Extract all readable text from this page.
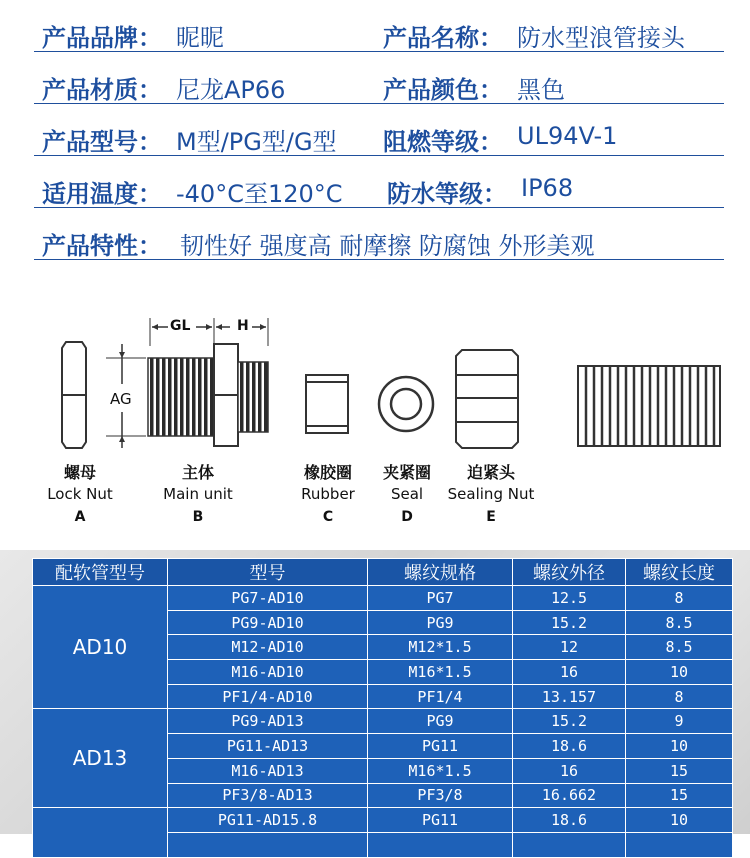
产品品牌： 昵昵	产品名称： 防水型浪管接头
产品材质： 尼龙AP66	产品颜色： 黑色
产品型号： M型/PG型/G型 阻燃等级： UL94V-1
适用温度： -40°C至120°C 防水等级： IP68
产品特性： 韧性好 强度高 耐摩擦 防腐蚀 外形美观
GL	H
AG
螺母
Lock Nut
A
主体
Main unit
B
橡胶圈
Rubber
C
夹紧圈
Seal
D
迫紧头
Sealing Nut
E
配软管型号	型号	螺纹规格	螺纹外径	螺纹长度
AD10	PG7-AD10	PG7	12.5	8
	PG9-AD10	PG9	15.2	8.5
	M12-AD10	M12*1.5	12	8.5
	M16-AD10	M16*1.5	16	10
	PF1/4-AD10	PF1/4	13.157	8
AD13	PG9-AD13	PG9	15.2	9
	PG11-AD13	PG11	18.6	10
	M16-AD13	M16*1.5	16	15
	PF3/8-AD13	PF3/8	16.662	15
	PG11-AD15.8	PG11	18.6	10
